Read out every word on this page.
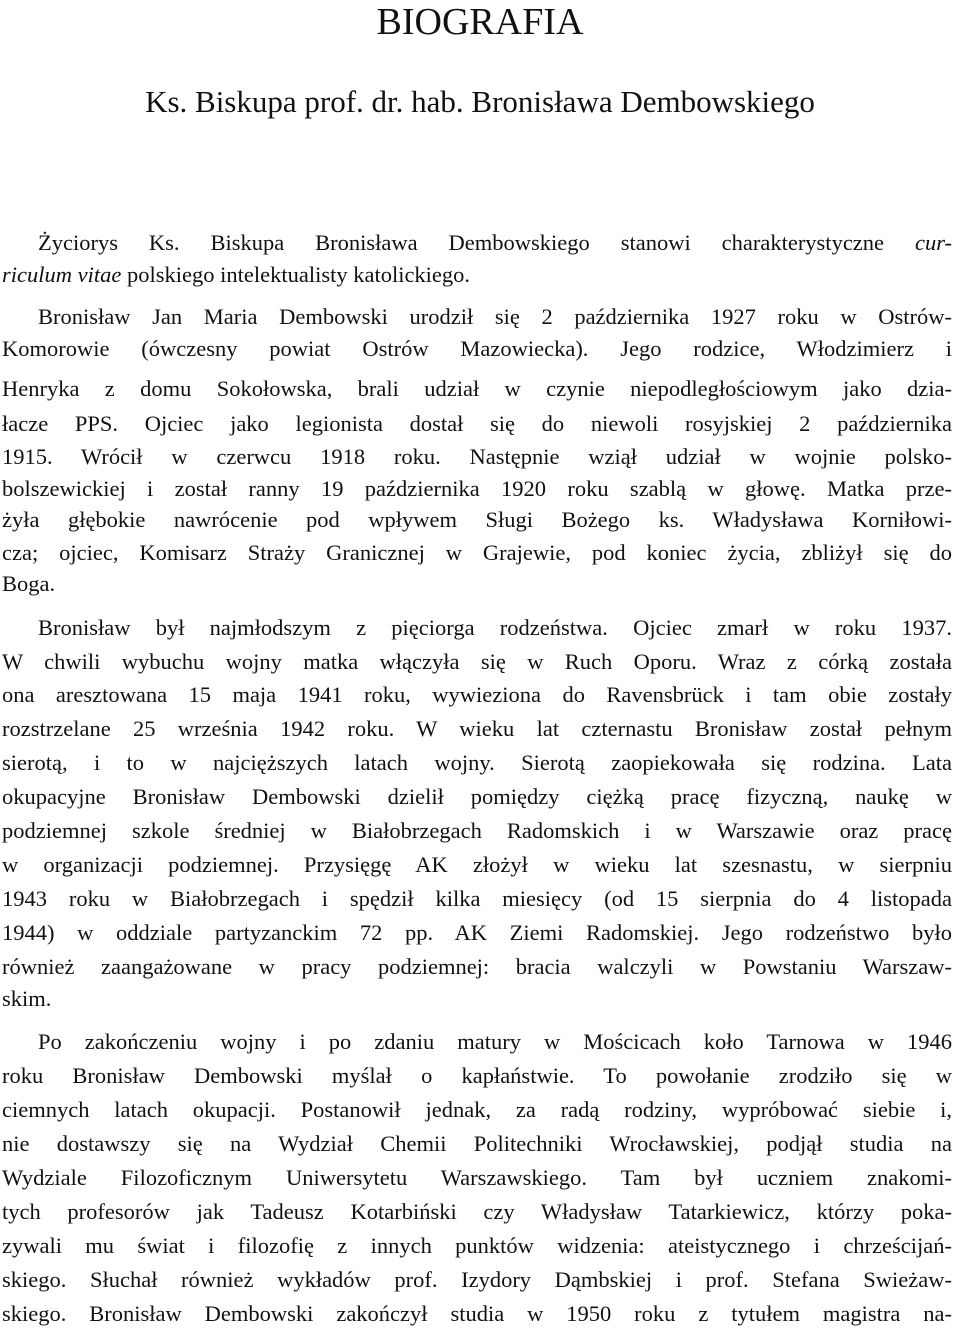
BIOGRAFIA
Ks. Biskupa prof. dr. hab. Bronisława Dembowskiego
Życiorys Ks. Biskupa Bronisława Dembowskiego stanowi charakterystyczne cur-
riculum vitae polskiego intelektualisty katolickiego.
Bronisław Jan Maria Dembowski urodził się 2 października 1927 roku w Ostrów-
Komorowie (ówczesny powiat Ostrów Mazowiecka). Jego rodzice, Włodzimierz i
Henryka z domu Sokołowska, brali udział w czynie niepodległościowym jako dzia-
łacze PPS. Ojciec jako legionista dostał się do niewoli rosyjskiej 2 października
1915. Wrócił w czerwcu 1918 roku. Następnie wziął udział w wojnie polsko-
bolszewickiej i został ranny 19 października 1920 roku szablą w głowę. Matka prze-
żyła głębokie nawrócenie pod wpływem Sługi Bożego ks. Władysława Korniłowi-
cza; ojciec, Komisarz Straży Granicznej w Grajewie, pod koniec życia, zbliżył się do
Boga.
Bronisław był najmłodszym z pięciorga rodzeństwa. Ojciec zmarł w roku 1937.
W chwili wybuchu wojny matka włączyła się w Ruch Oporu. Wraz z córką została
ona aresztowana 15 maja 1941 roku, wywieziona do Ravensbrück i tam obie zostały
rozstrzelane 25 września 1942 roku. W wieku lat czternastu Bronisław został pełnym
sierotą, i to w najcięższych latach wojny. Sierotą zaopiekowała się rodzina. Lata
okupacyjne Bronisław Dembowski dzielił pomiędzy ciężką pracę fizyczną, naukę w
podziemnej szkole średniej w Białobrzegach Radomskich i w Warszawie oraz pracę
w organizacji podziemnej. Przysięgę AK złożył w wieku lat szesnastu, w sierpniu
1943 roku w Białobrzegach i spędził kilka miesięcy (od 15 sierpnia do 4 listopada
1944) w oddziale partyzanckim 72 pp. AK Ziemi Radomskiej. Jego rodzeństwo było
również zaangażowane w pracy podziemnej: bracia walczyli w Powstaniu Warszaw-
skim.
Po zakończeniu wojny i po zdaniu matury w Mościcach koło Tarnowa w 1946
roku Bronisław Dembowski myślał o kapłaństwie. To powołanie zrodziło się w
ciemnych latach okupacji. Postanowił jednak, za radą rodziny, wypróbować siebie i,
nie dostawszy się na Wydział Chemii Politechniki Wrocławskiej, podjął studia na
Wydziale Filozoficznym Uniwersytetu Warszawskiego. Tam był uczniem znakomi-
tych profesorów jak Tadeusz Kotarbiński czy Władysław Tatarkiewicz, którzy poka-
zywali mu świat i filozofię z innych punktów widzenia: ateistycznego i chrześcijań-
skiego. Słuchał również wykładów prof. Izydory Dąmbskiej i prof. Stefana Swieżaw-
skiego. Bronisław Dembowski zakończył studia w 1950 roku z tytułem magistra na-
